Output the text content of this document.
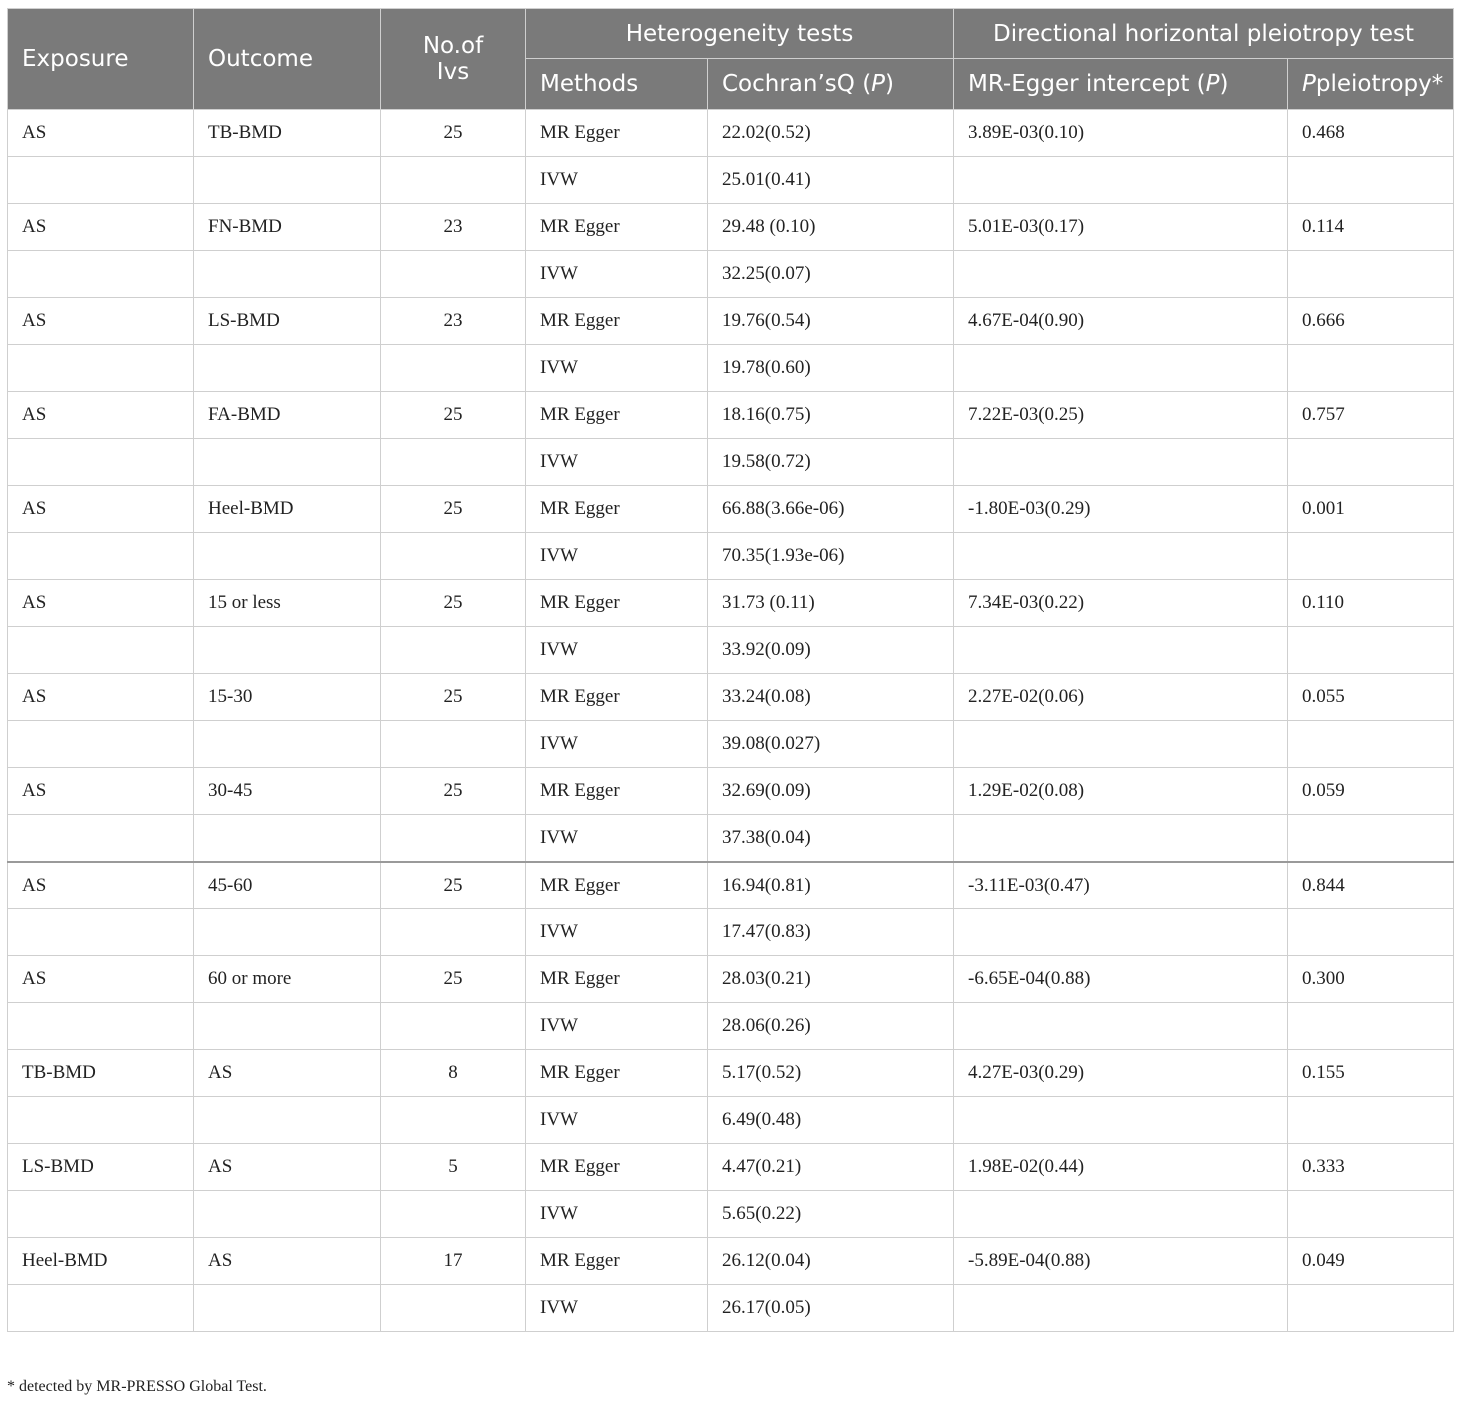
Exposure	Outcome	No.of
Ivs	Heterogeneity tests		Directional horizontal pleiotropy test	
			Methods	Cochran’sQ (P)	MR-Egger intercept (P)	Ppleiotropy*
AS	TB-BMD	25	MR Egger	22.02(0.52)	3.89E-03(0.10)	0.468
			IVW	25.01(0.41)		
AS	FN-BMD	23	MR Egger	29.48 (0.10)	5.01E-03(0.17)	0.114
			IVW	32.25(0.07)		
AS	LS-BMD	23	MR Egger	19.76(0.54)	4.67E-04(0.90)	0.666
			IVW	19.78(0.60)		
AS	FA-BMD	25	MR Egger	18.16(0.75)	7.22E-03(0.25)	0.757
			IVW	19.58(0.72)		
AS	Heel-BMD	25	MR Egger	66.88(3.66e-06)	-1.80E-03(0.29)	0.001
			IVW	70.35(1.93e-06)		
AS	15 or less	25	MR Egger	31.73 (0.11)	7.34E-03(0.22)	0.110
			IVW	33.92(0.09)		
AS	15-30	25	MR Egger	33.24(0.08)	2.27E-02(0.06)	0.055
			IVW	39.08(0.027)		
AS	30-45	25	MR Egger	32.69(0.09)	1.29E-02(0.08)	0.059
			IVW	37.38(0.04)		
AS	45-60	25	MR Egger	16.94(0.81)	-3.11E-03(0.47)	0.844
			IVW	17.47(0.83)		
AS	60 or more	25	MR Egger	28.03(0.21)	-6.65E-04(0.88)	0.300
			IVW	28.06(0.26)		
TB-BMD	AS	8	MR Egger	5.17(0.52)	4.27E-03(0.29)	0.155
			IVW	6.49(0.48)		
LS-BMD	AS	5	MR Egger	4.47(0.21)	1.98E-02(0.44)	0.333
			IVW	5.65(0.22)		
Heel-BMD	AS	17	MR Egger	26.12(0.04)	-5.89E-04(0.88)	0.049
			IVW	26.17(0.05)		
* detected by MR-PRESSO Global Test.
